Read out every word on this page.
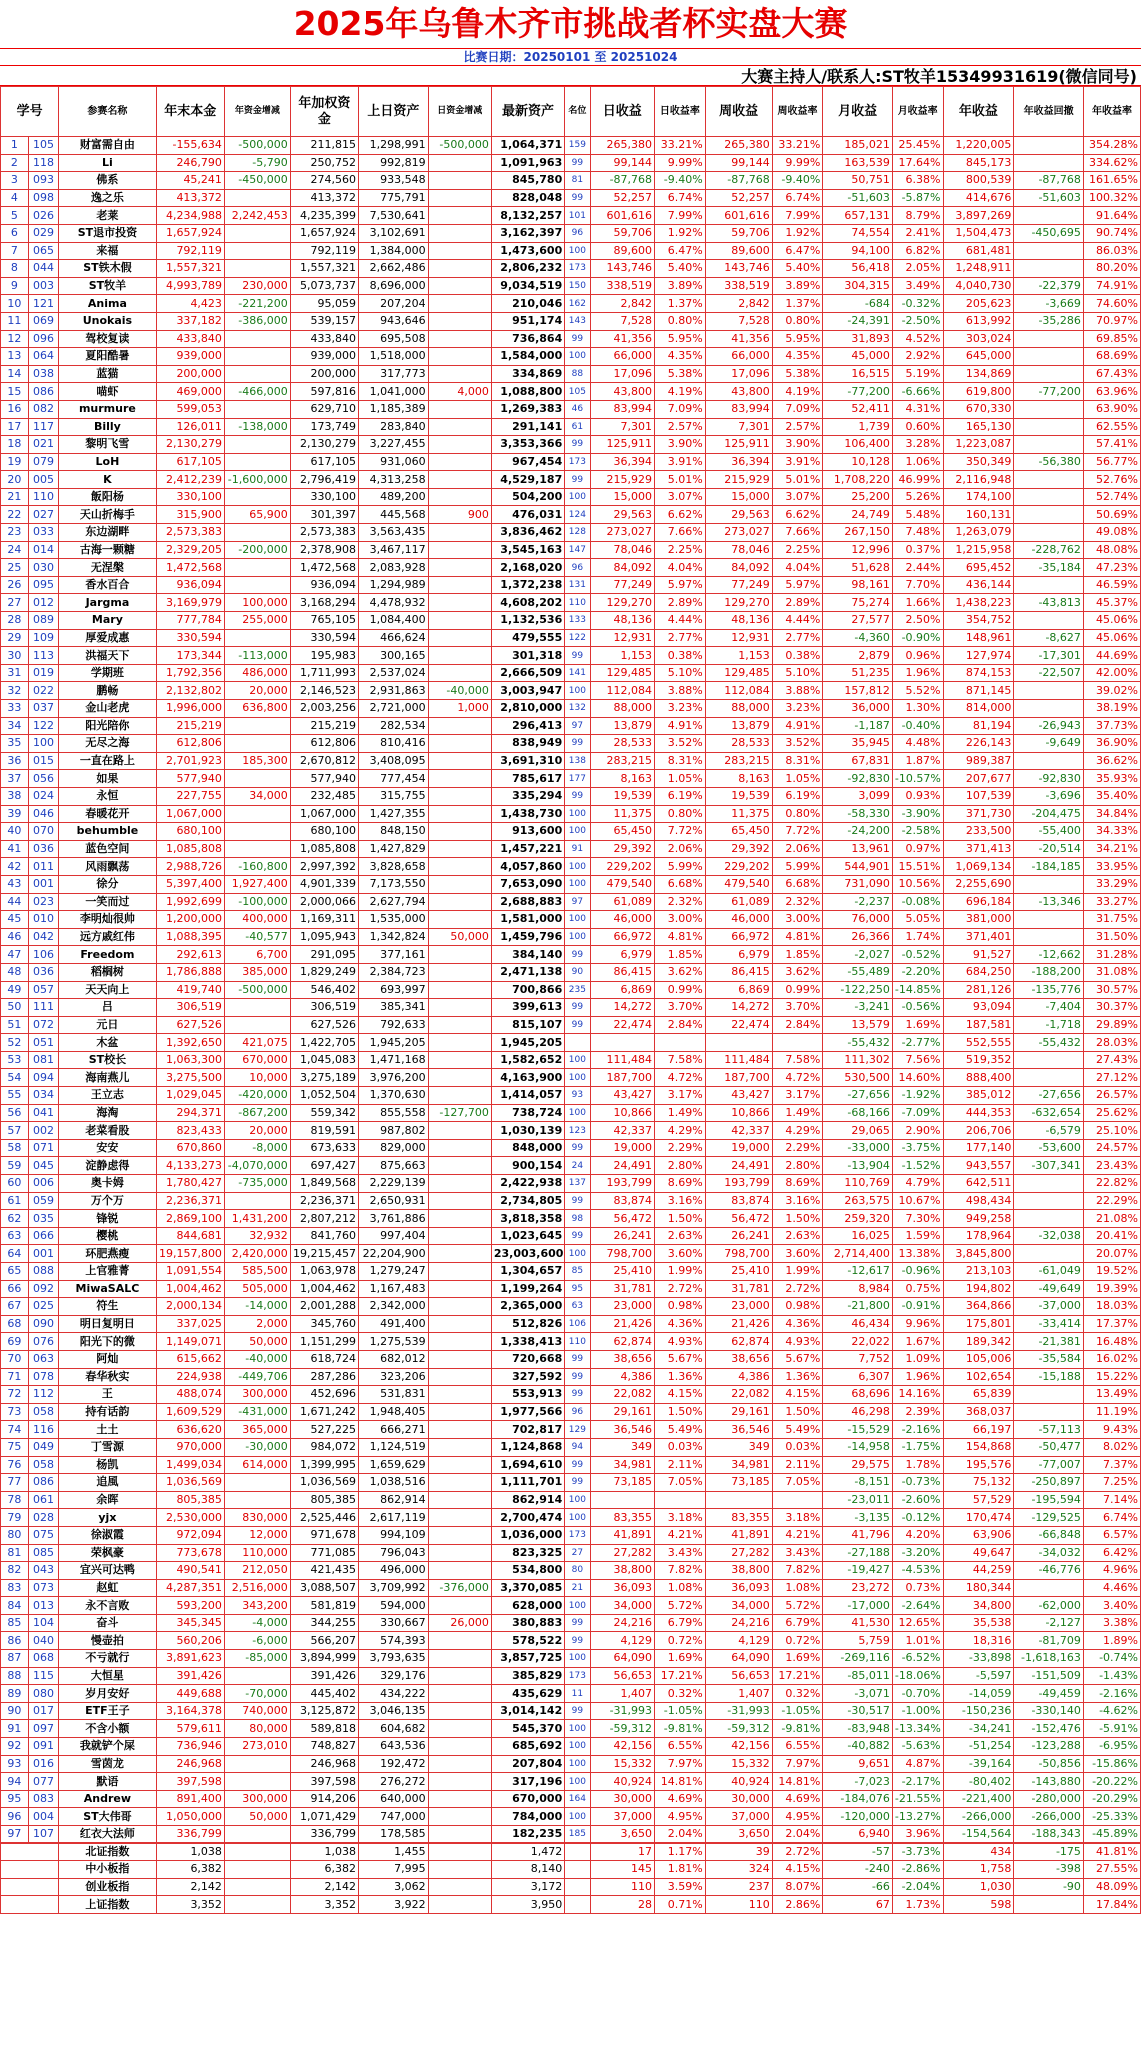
2025年乌鲁木齐市挑战者杯实盘大赛
比赛日期：20250101 至 20251024
大赛主持人/联系人:ST牧羊15349931619(微信同号)
学号		参赛名称	年末本金	年资金增减	年加权资金	上日资产	日资金增减	最新资产	名位	日收益	日收益率	周收益	周收益率	月收益	月收益率	年收益	年收益回撤	年收益率
1	105	财富需自由	-155,634	-500,000	211,815	1,298,991	-500,000	1,064,371	159	265,380	33.21%	265,380	33.21%	185,021	25.45%	1,220,005		354.28%
2	118	Li	246,790	-5,790	250,752	992,819		1,091,963	99	99,144	9.99%	99,144	9.99%	163,539	17.64%	845,173		334.62%
3	093	佛系	45,241	-450,000	274,560	933,548		845,780	81	-87,768	-9.40%	-87,768	-9.40%	50,751	6.38%	800,539	-87,768	161.65%
4	098	逸之乐	413,372		413,372	775,791		828,048	99	52,257	6.74%	52,257	6.74%	-51,603	-5.87%	414,676	-51,603	100.32%
5	026	老莱	4,234,988	2,242,453	4,235,399	7,530,641		8,132,257	101	601,616	7.99%	601,616	7.99%	657,131	8.79%	3,897,269		91.64%
6	029	ST退市投资	1,657,924		1,657,924	3,102,691		3,162,397	96	59,706	1.92%	59,706	1.92%	74,554	2.41%	1,504,473	-450,695	90.74%
7	065	来福	792,119		792,119	1,384,000		1,473,600	100	89,600	6.47%	89,600	6.47%	94,100	6.82%	681,481		86.03%
8	044	ST铁木假	1,557,321		1,557,321	2,662,486		2,806,232	173	143,746	5.40%	143,746	5.40%	56,418	2.05%	1,248,911		80.20%
9	003	ST牧羊	4,993,789	230,000	5,073,737	8,696,000		9,034,519	150	338,519	3.89%	338,519	3.89%	304,315	3.49%	4,040,730	-22,379	74.91%
10	121	Anima	4,423	-221,200	95,059	207,204		210,046	162	2,842	1.37%	2,842	1.37%	-684	-0.32%	205,623	-3,669	74.60%
11	069	Unokais	337,182	-386,000	539,157	943,646		951,174	143	7,528	0.80%	7,528	0.80%	-24,391	-2.50%	613,992	-35,286	70.97%
12	096	驾校复读	433,840		433,840	695,508		736,864	99	41,356	5.95%	41,356	5.95%	31,893	4.52%	303,024		69.85%
13	064	夏阳酷暑	939,000		939,000	1,518,000		1,584,000	100	66,000	4.35%	66,000	4.35%	45,000	2.92%	645,000		68.69%
14	038	蓝猫	200,000		200,000	317,773		334,869	88	17,096	5.38%	17,096	5.38%	16,515	5.19%	134,869		67.43%
15	086	喵虾	469,000	-466,000	597,816	1,041,000	4,000	1,088,800	105	43,800	4.19%	43,800	4.19%	-77,200	-6.66%	619,800	-77,200	63.96%
16	082	murmure	599,053		629,710	1,185,389		1,269,383	46	83,994	7.09%	83,994	7.09%	52,411	4.31%	670,330		63.90%
17	117	Billy	126,011	-138,000	173,749	283,840		291,141	61	7,301	2.57%	7,301	2.57%	1,739	0.60%	165,130		62.55%
18	021	黎明飞雪	2,130,279		2,130,279	3,227,455		3,353,366	99	125,911	3.90%	125,911	3.90%	106,400	3.28%	1,223,087		57.41%
19	079	LoH	617,105		617,105	931,060		967,454	173	36,394	3.91%	36,394	3.91%	10,128	1.06%	350,349	-56,380	56.77%
20	005	K	2,412,239	-1,600,000	2,796,419	4,313,258		4,529,187	99	215,929	5.01%	215,929	5.01%	1,708,220	46.99%	2,116,948		52.76%
21	110	飯阳杨	330,100		330,100	489,200		504,200	100	15,000	3.07%	15,000	3.07%	25,200	5.26%	174,100		52.74%
22	027	天山折梅手	315,900	65,900	301,397	445,568	900	476,031	124	29,563	6.62%	29,563	6.62%	24,749	5.48%	160,131		50.69%
23	033	东边湖畔	2,573,383		2,573,383	3,563,435		3,836,462	128	273,027	7.66%	273,027	7.66%	267,150	7.48%	1,263,079		49.08%
24	014	古海一颗糖	2,329,205	-200,000	2,378,908	3,467,117		3,545,163	147	78,046	2.25%	78,046	2.25%	12,996	0.37%	1,215,958	-228,762	48.08%
25	030	无涅槃	1,472,568		1,472,568	2,083,928		2,168,020	96	84,092	4.04%	84,092	4.04%	51,628	2.44%	695,452	-35,184	47.23%
26	095	香水百合	936,094		936,094	1,294,989		1,372,238	131	77,249	5.97%	77,249	5.97%	98,161	7.70%	436,144		46.59%
27	012	Jargma	3,169,979	100,000	3,168,294	4,478,932		4,608,202	110	129,270	2.89%	129,270	2.89%	75,274	1.66%	1,438,223	-43,813	45.37%
28	089	Mary	777,784	255,000	765,105	1,084,400		1,132,536	133	48,136	4.44%	48,136	4.44%	27,577	2.50%	354,752		45.06%
29	109	厚爱成惠	330,594		330,594	466,624		479,555	122	12,931	2.77%	12,931	2.77%	-4,360	-0.90%	148,961	-8,627	45.06%
30	113	洪福天下	173,344	-113,000	195,983	300,165		301,318	99	1,153	0.38%	1,153	0.38%	2,879	0.96%	127,974	-17,301	44.69%
31	019	学期班	1,792,356	486,000	1,711,993	2,537,024		2,666,509	141	129,485	5.10%	129,485	5.10%	51,235	1.96%	874,153	-22,507	42.00%
32	022	鹏畅	2,132,802	20,000	2,146,523	2,931,863	-40,000	3,003,947	100	112,084	3.88%	112,084	3.88%	157,812	5.52%	871,145		39.02%
33	037	金山老虎	1,996,000	636,800	2,003,256	2,721,000	1,000	2,810,000	132	88,000	3.23%	88,000	3.23%	36,000	1.30%	814,000		38.19%
34	122	阳光陪你	215,219		215,219	282,534		296,413	97	13,879	4.91%	13,879	4.91%	-1,187	-0.40%	81,194	-26,943	37.73%
35	100	无尽之海	612,806		612,806	810,416		838,949	99	28,533	3.52%	28,533	3.52%	35,945	4.48%	226,143	-9,649	36.90%
36	015	一直在路上	2,701,923	185,300	2,670,812	3,408,095		3,691,310	138	283,215	8.31%	283,215	8.31%	67,831	1.87%	989,387		36.62%
37	056	如果	577,940		577,940	777,454		785,617	177	8,163	1.05%	8,163	1.05%	-92,830	-10.57%	207,677	-92,830	35.93%
38	024	永恒	227,755	34,000	232,485	315,755		335,294	99	19,539	6.19%	19,539	6.19%	3,099	0.93%	107,539	-3,696	35.40%
39	046	春暖花开	1,067,000		1,067,000	1,427,355		1,438,730	100	11,375	0.80%	11,375	0.80%	-58,330	-3.90%	371,730	-204,475	34.84%
40	070	behumble	680,100		680,100	848,150		913,600	100	65,450	7.72%	65,450	7.72%	-24,200	-2.58%	233,500	-55,400	34.33%
41	036	蓝色空间	1,085,808		1,085,808	1,427,829		1,457,221	91	29,392	2.06%	29,392	2.06%	13,961	0.97%	371,413	-20,514	34.21%
42	011	风雨飘荡	2,988,726	-160,800	2,997,392	3,828,658		4,057,860	100	229,202	5.99%	229,202	5.99%	544,901	15.51%	1,069,134	-184,185	33.95%
43	001	徐分	5,397,400	1,927,400	4,901,339	7,173,550		7,653,090	100	479,540	6.68%	479,540	6.68%	731,090	10.56%	2,255,690		33.29%
44	023	一笑而过	1,992,699	-100,000	2,000,066	2,627,794		2,688,883	97	61,089	2.32%	61,089	2.32%	-2,237	-0.08%	696,184	-13,346	33.27%
45	010	李明灿很帅	1,200,000	400,000	1,169,311	1,535,000		1,581,000	100	46,000	3.00%	46,000	3.00%	76,000	5.05%	381,000		31.75%
46	042	远方戚红伟	1,088,395	-40,577	1,095,943	1,342,824	50,000	1,459,796	100	66,972	4.81%	66,972	4.81%	26,366	1.74%	371,401		31.50%
47	106	Freedom	292,613	6,700	291,095	377,161		384,140	99	6,979	1.85%	6,979	1.85%	-2,027	-0.52%	91,527	-12,662	31.28%
48	036	稻榈树	1,786,888	385,000	1,829,249	2,384,723		2,471,138	90	86,415	3.62%	86,415	3.62%	-55,489	-2.20%	684,250	-188,200	31.08%
49	057	天天向上	419,740	-500,000	546,402	693,997		700,866	235	6,869	0.99%	6,869	0.99%	-122,250	-14.85%	281,126	-135,776	30.57%
50	111	吕	306,519		306,519	385,341		399,613	99	14,272	3.70%	14,272	3.70%	-3,241	-0.56%	93,094	-7,404	30.37%
51	072	元日	627,526		627,526	792,633		815,107	99	22,474	2.84%	22,474	2.84%	13,579	1.69%	187,581	-1,718	29.89%
52	051	木盆	1,392,650	421,075	1,422,705	1,945,205		1,945,205						-55,432	-2.77%	552,555	-55,432	28.03%
53	081	ST校长	1,063,300	670,000	1,045,083	1,471,168		1,582,652	100	111,484	7.58%	111,484	7.58%	111,302	7.56%	519,352		27.43%
54	094	海南燕儿	3,275,500	10,000	3,275,189	3,976,200		4,163,900	100	187,700	4.72%	187,700	4.72%	530,500	14.60%	888,400		27.12%
55	034	王立志	1,029,045	-420,000	1,052,504	1,370,630		1,414,057	93	43,427	3.17%	43,427	3.17%	-27,656	-1.92%	385,012	-27,656	26.57%
56	041	海淘	294,371	-867,200	559,342	855,558	-127,700	738,724	100	10,866	1.49%	10,866	1.49%	-68,166	-7.09%	444,353	-632,654	25.62%
57	002	老菜看股	823,433	20,000	819,591	987,802		1,030,139	123	42,337	4.29%	42,337	4.29%	29,065	2.90%	206,706	-6,579	25.10%
58	071	安安	670,860	-8,000	673,633	829,000		848,000	99	19,000	2.29%	19,000	2.29%	-33,000	-3.75%	177,140	-53,600	24.57%
59	045	淀静虑得	4,133,273	-4,070,000	697,427	875,663		900,154	24	24,491	2.80%	24,491	2.80%	-13,904	-1.52%	943,557	-307,341	23.43%
60	006	奥卡姆	1,780,427	-735,000	1,849,568	2,229,139		2,422,938	137	193,799	8.69%	193,799	8.69%	110,769	4.79%	642,511		22.82%
61	059	万个万	2,236,371		2,236,371	2,650,931		2,734,805	99	83,874	3.16%	83,874	3.16%	263,575	10.67%	498,434		22.29%
62	035	锋锐	2,869,100	1,431,200	2,807,212	3,761,886		3,818,358	98	56,472	1.50%	56,472	1.50%	259,320	7.30%	949,258		21.08%
63	066	樱桃	844,681	32,932	841,760	997,404		1,023,645	99	26,241	2.63%	26,241	2.63%	16,025	1.59%	178,964	-32,038	20.41%
64	001	环肥燕瘦	19,157,800	2,420,000	19,215,457	22,204,900		23,003,600	100	798,700	3.60%	798,700	3.60%	2,714,400	13.38%	3,845,800		20.07%
65	088	上官雅菁	1,091,554	585,500	1,063,978	1,279,247		1,304,657	85	25,410	1.99%	25,410	1.99%	-12,617	-0.96%	213,103	-61,049	19.52%
66	092	MiwaSALC	1,004,462	505,000	1,004,462	1,167,483		1,199,264	95	31,781	2.72%	31,781	2.72%	8,984	0.75%	194,802	-49,649	19.39%
67	025	符生	2,000,134	-14,000	2,001,288	2,342,000		2,365,000	63	23,000	0.98%	23,000	0.98%	-21,800	-0.91%	364,866	-37,000	18.03%
68	090	明日复明日	337,025	2,000	345,760	491,400		512,826	106	21,426	4.36%	21,426	4.36%	46,434	9.96%	175,801	-33,414	17.37%
69	076	阳光下的微	1,149,071	50,000	1,151,299	1,275,539		1,338,413	110	62,874	4.93%	62,874	4.93%	22,022	1.67%	189,342	-21,381	16.48%
70	063	阿灿	615,662	-40,000	618,724	682,012		720,668	99	38,656	5.67%	38,656	5.67%	7,752	1.09%	105,006	-35,584	16.02%
71	078	春华秋实	224,938	-449,706	287,286	323,206		327,592	99	4,386	1.36%	4,386	1.36%	6,307	1.96%	102,654	-15,188	15.22%
72	112	王	488,074	300,000	452,696	531,831		553,913	99	22,082	4.15%	22,082	4.15%	68,696	14.16%	65,839		13.49%
73	058	持有话韵	1,609,529	-431,000	1,671,242	1,948,405		1,977,566	96	29,161	1.50%	29,161	1.50%	46,298	2.39%	368,037		11.19%
74	116	土土	636,620	365,000	527,225	666,271		702,817	129	36,546	5.49%	36,546	5.49%	-15,529	-2.16%	66,197	-57,113	9.43%
75	049	丁雪源	970,000	-30,000	984,072	1,124,519		1,124,868	94	349	0.03%	349	0.03%	-14,958	-1.75%	154,868	-50,477	8.02%
76	058	杨凯	1,499,034	614,000	1,399,995	1,659,629		1,694,610	99	34,981	2.11%	34,981	2.11%	29,575	1.78%	195,576	-77,007	7.37%
77	086	追風	1,036,569		1,036,569	1,038,516		1,111,701	99	73,185	7.05%	73,185	7.05%	-8,151	-0.73%	75,132	-250,897	7.25%
78	061	余晖	805,385		805,385	862,914		862,914	100					-23,011	-2.60%	57,529	-195,594	7.14%
79	028	yjx	2,530,000	830,000	2,525,446	2,617,119		2,700,474	100	83,355	3.18%	83,355	3.18%	-3,135	-0.12%	170,474	-129,525	6.74%
80	075	徐淑霞	972,094	12,000	971,678	994,109		1,036,000	173	41,891	4.21%	41,891	4.21%	41,796	4.20%	63,906	-66,848	6.57%
81	085	荣枫豪	773,678	110,000	771,085	796,043		823,325	27	27,282	3.43%	27,282	3.43%	-27,188	-3.20%	49,647	-34,032	6.42%
82	043	宜兴可达鸭	490,541	212,050	421,435	496,000		534,800	80	38,800	7.82%	38,800	7.82%	-19,427	-4.53%	44,259	-46,776	4.96%
83	073	赵虹	4,287,351	2,516,000	3,088,507	3,709,992	-376,000	3,370,085	21	36,093	1.08%	36,093	1.08%	23,272	0.73%	180,344		4.46%
84	013	永不言败	593,200	343,200	581,819	594,000		628,000	100	34,000	5.72%	34,000	5.72%	-17,000	-2.64%	34,800	-62,000	3.40%
85	104	奋斗	345,345	-4,000	344,255	330,667	26,000	380,883	99	24,216	6.79%	24,216	6.79%	41,530	12.65%	35,538	-2,127	3.38%
86	040	慢壶拍	560,206	-6,000	566,207	574,393		578,522	99	4,129	0.72%	4,129	0.72%	5,759	1.01%	18,316	-81,709	1.89%
87	068	不亏就行	3,891,623	-85,000	3,894,999	3,793,635		3,857,725	100	64,090	1.69%	64,090	1.69%	-269,116	-6.52%	-33,898	-1,618,163	-0.74%
88	115	大恒星	391,426		391,426	329,176		385,829	173	56,653	17.21%	56,653	17.21%	-85,011	-18.06%	-5,597	-151,509	-1.43%
89	080	岁月安好	449,688	-70,000	445,402	434,222		435,629	11	1,407	0.32%	1,407	0.32%	-3,071	-0.70%	-14,059	-49,459	-2.16%
90	017	ETF王子	3,164,378	740,000	3,125,872	3,046,135		3,014,142	99	-31,993	-1.05%	-31,993	-1.05%	-30,517	-1.00%	-150,236	-330,140	-4.62%
91	097	不含小额	579,611	80,000	589,818	604,682		545,370	100	-59,312	-9.81%	-59,312	-9.81%	-83,948	-13.34%	-34,241	-152,476	-5.91%
92	091	我就铲个屎	736,946	273,010	748,827	643,536		685,692	100	42,156	6.55%	42,156	6.55%	-40,882	-5.63%	-51,254	-123,288	-6.95%
93	016	雪茵龙	246,968		246,968	192,472		207,804	100	15,332	7.97%	15,332	7.97%	9,651	4.87%	-39,164	-50,856	-15.86%
94	077	默语	397,598		397,598	276,272		317,196	100	40,924	14.81%	40,924	14.81%	-7,023	-2.17%	-80,402	-143,880	-20.22%
95	083	Andrew	891,400	300,000	914,206	640,000		670,000	164	30,000	4.69%	30,000	4.69%	-184,076	-21.55%	-221,400	-280,000	-20.29%
96	004	ST大伟哥	1,050,000	50,000	1,071,429	747,000		784,000	100	37,000	4.95%	37,000	4.95%	-120,000	-13.27%	-266,000	-266,000	-25.33%
97	107	红衣大法师	336,799		336,799	178,585		182,235	185	3,650	2.04%	3,650	2.04%	6,940	3.96%	-154,564	-188,343	-45.89%
		北证指数	1,038		1,038	1,455		1,472		17	1.17%	39	2.72%	-57	-3.73%	434	-175	41.81%
		中小板指	6,382		6,382	7,995		8,140		145	1.81%	324	4.15%	-240	-2.86%	1,758	-398	27.55%
		创业板指	2,142		2,142	3,062		3,172		110	3.59%	237	8.07%	-66	-2.04%	1,030	-90	48.09%
		上证指数	3,352		3,352	3,922		3,950		28	0.71%	110	2.86%	67	1.73%	598		17.84%
